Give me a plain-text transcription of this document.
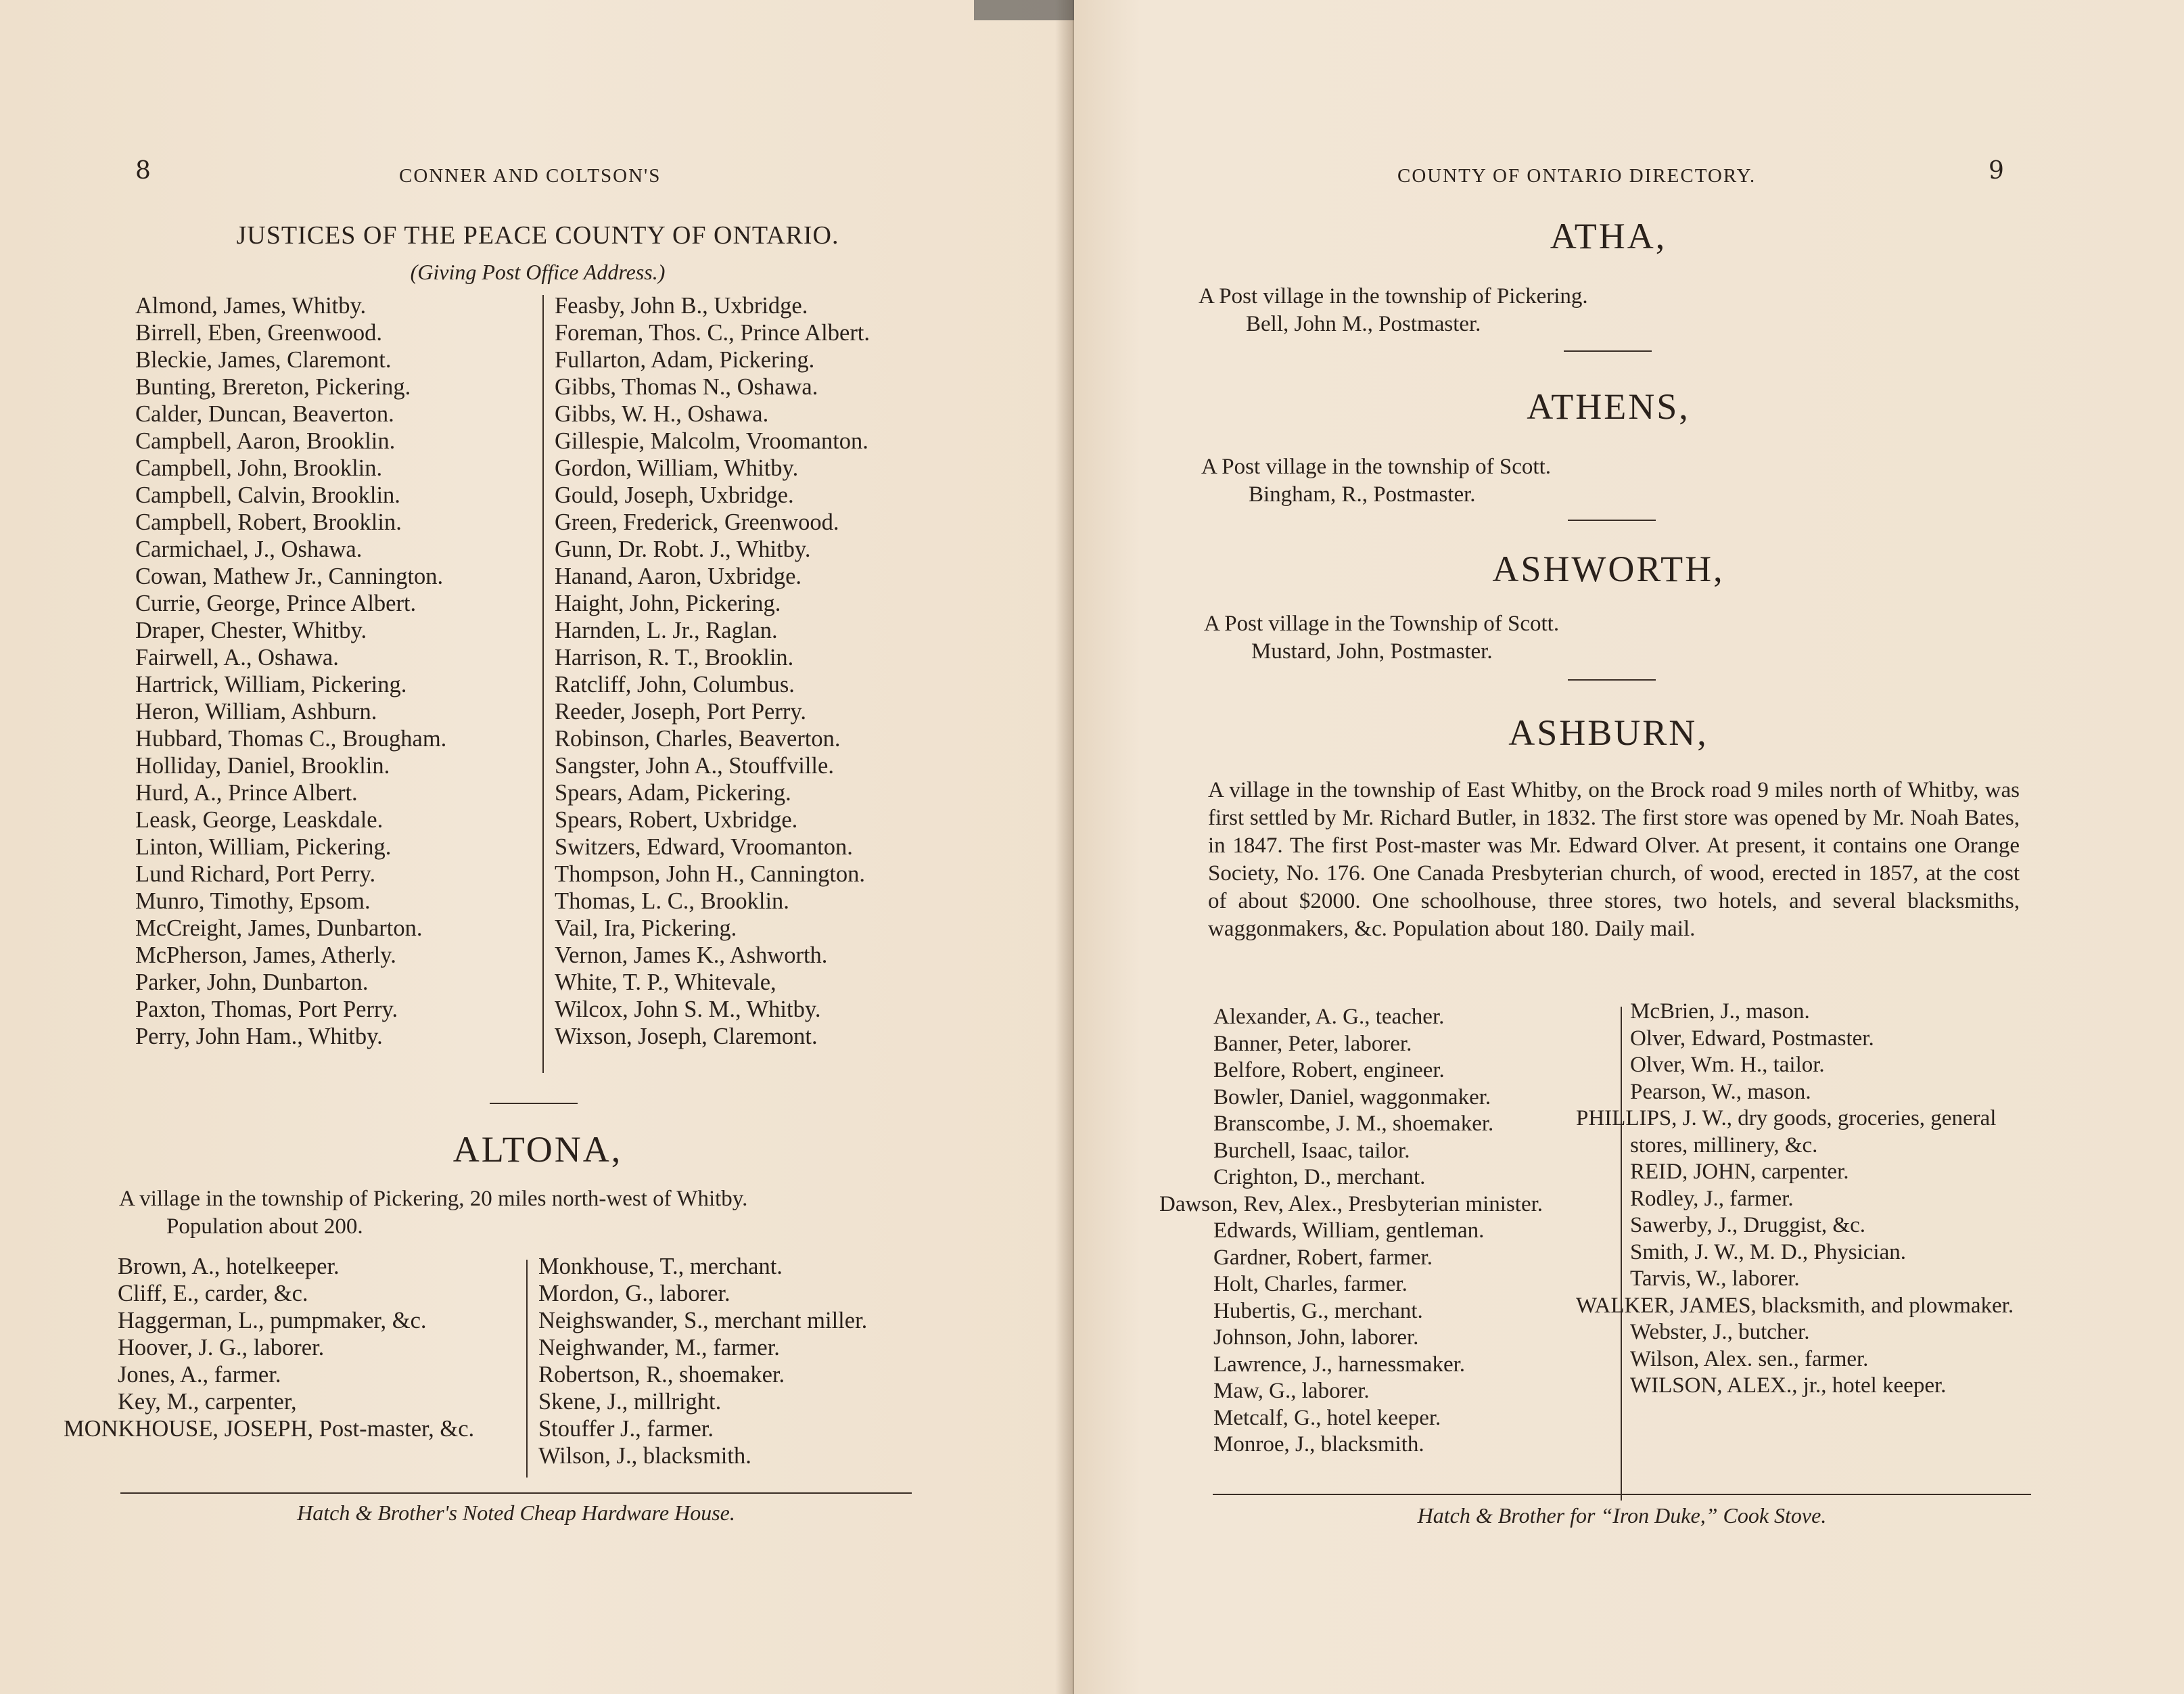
8	CONNER AND COLTSON'S
JUSTICES OF THE PEACE COUNTY OF ONTARIO.
(Giving Post Office Address.)
Almond, James, Whitby.
Birrell, Eben, Greenwood.
Bleckie, James, Claremont.
Bunting, Brereton, Pickering.
Calder, Duncan, Beaverton.
Campbell, Aaron, Brooklin.
Campbell, John, Brooklin.
Campbell, Calvin, Brooklin.
Campbell, Robert, Brooklin.
Carmichael, J., Oshawa.
Cowan, Mathew Jr., Cannington.
Currie, George, Prince Albert.
Draper, Chester, Whitby.
Fairwell, A., Oshawa.
Hartrick, William, Pickering.
Heron, William, Ashburn.
Hubbard, Thomas C., Brougham.
Holliday, Daniel, Brooklin.
Hurd, A., Prince Albert.
Leask, George, Leaskdale.
Linton, William, Pickering.
Lund Richard, Port Perry.
Munro, Timothy, Epsom.
McCreight, James, Dunbarton.
McPherson, James, Atherly.
Parker, John, Dunbarton.
Paxton, Thomas, Port Perry.
Perry, John Ham., Whitby.
Feasby, John B., Uxbridge.
Foreman, Thos. C., Prince Albert.
Fullarton, Adam, Pickering.
Gibbs, Thomas N., Oshawa.
Gibbs, W. H., Oshawa.
Gillespie, Malcolm, Vroomanton.
Gordon, William, Whitby.
Gould, Joseph, Uxbridge.
Green, Frederick, Greenwood.
Gunn, Dr. Robt. J., Whitby.
Hanand, Aaron, Uxbridge.
Haight, John, Pickering.
Harnden, L. Jr., Raglan.
Harrison, R. T., Brooklin.
Ratcliff, John, Columbus.
Reeder, Joseph, Port Perry.
Robinson, Charles, Beaverton.
Sangster, John A., Stouffville.
Spears, Adam, Pickering.
Spears, Robert, Uxbridge.
Switzers, Edward, Vroomanton.
Thompson, John H., Cannington.
Thomas, L. C., Brooklin.
Vail, Ira, Pickering.
Vernon, James K., Ashworth.
White, T. P., Whitevale,
Wilcox, John S. M., Whitby.
Wixson, Joseph, Claremont.
ALTONA,
A village in the township of Pickering, 20 miles north-west of Whitby.
Population about 200.
Brown, A., hotelkeeper.
Cliff, E., carder, &c.
Haggerman, L., pumpmaker, &c.
Hoover, J. G., laborer.
Jones, A., farmer.
Key, M., carpenter,
MONKHOUSE, JOSEPH, Post-master, &c.
Monkhouse, T., merchant.
Mordon, G., laborer.
Neighswander, S., merchant miller.
Neighwander, M., farmer.
Robertson, R., shoemaker.
Skene, J., millright.
Stouffer J., farmer.
Wilson, J., blacksmith.
Hatch & Brother's Noted Cheap Hardware House.
COUNTY OF ONTARIO DIRECTORY.	9
ATHA,
A Post village in the township of Pickering.
Bell, John M., Postmaster.
ATHENS,
A Post village in the township of Scott.
Bingham, R., Postmaster.
ASHWORTH,
A Post village in the Township of Scott.
Mustard, John, Postmaster.
ASHBURN,

A village in the township of East Whitby, on the Brock road 9 miles north of Whitby, was first settled by Mr. Richard Butler, in 1832. The first store was opened by Mr. Noah Bates, in 1847. The first Post-master was Mr. Edward Olver. At present, it contains one Orange Society, No. 176. One Canada Presbyterian church, of wood, erected in 1857, at the cost of about $2000. One schoolhouse, three stores, two hotels, and several blacksmiths, waggonmakers, &c. Population about 180. Daily mail.

Alexander, A. G., teacher.
Banner, Peter, laborer.
Belfore, Robert, engineer.
Bowler, Daniel, waggonmaker.
Branscombe, J. M., shoemaker.
Burchell, Isaac, tailor.
Crighton, D., merchant.
Dawson, Rev, Alex., Presbyterian minister.
Edwards, William, gentleman.
Gardner, Robert, farmer.
Holt, Charles, farmer.
Hubertis, G., merchant.
Johnson, John, laborer.
Lawrence, J., harnessmaker.
Maw, G., laborer.
Metcalf, G., hotel keeper.
Monroe, J., blacksmith.
McBrien, J., mason.
Olver, Edward, Postmaster.
Olver, Wm. H., tailor.
Pearson, W., mason.
PHILLIPS, J. W., dry goods, groceries, general stores, millinery, &c.
REID, JOHN, carpenter.
Rodley, J., farmer.
Sawerby, J., Druggist, &c.
Smith, J. W., M. D., Physician.
Tarvis, W., laborer.
WALKER, JAMES, blacksmith, and plowmaker.
Webster, J., butcher.
Wilson, Alex. sen., farmer.
WILSON, ALEX., jr., hotel keeper.
Hatch & Brother for “Iron Duke,” Cook Stove.
